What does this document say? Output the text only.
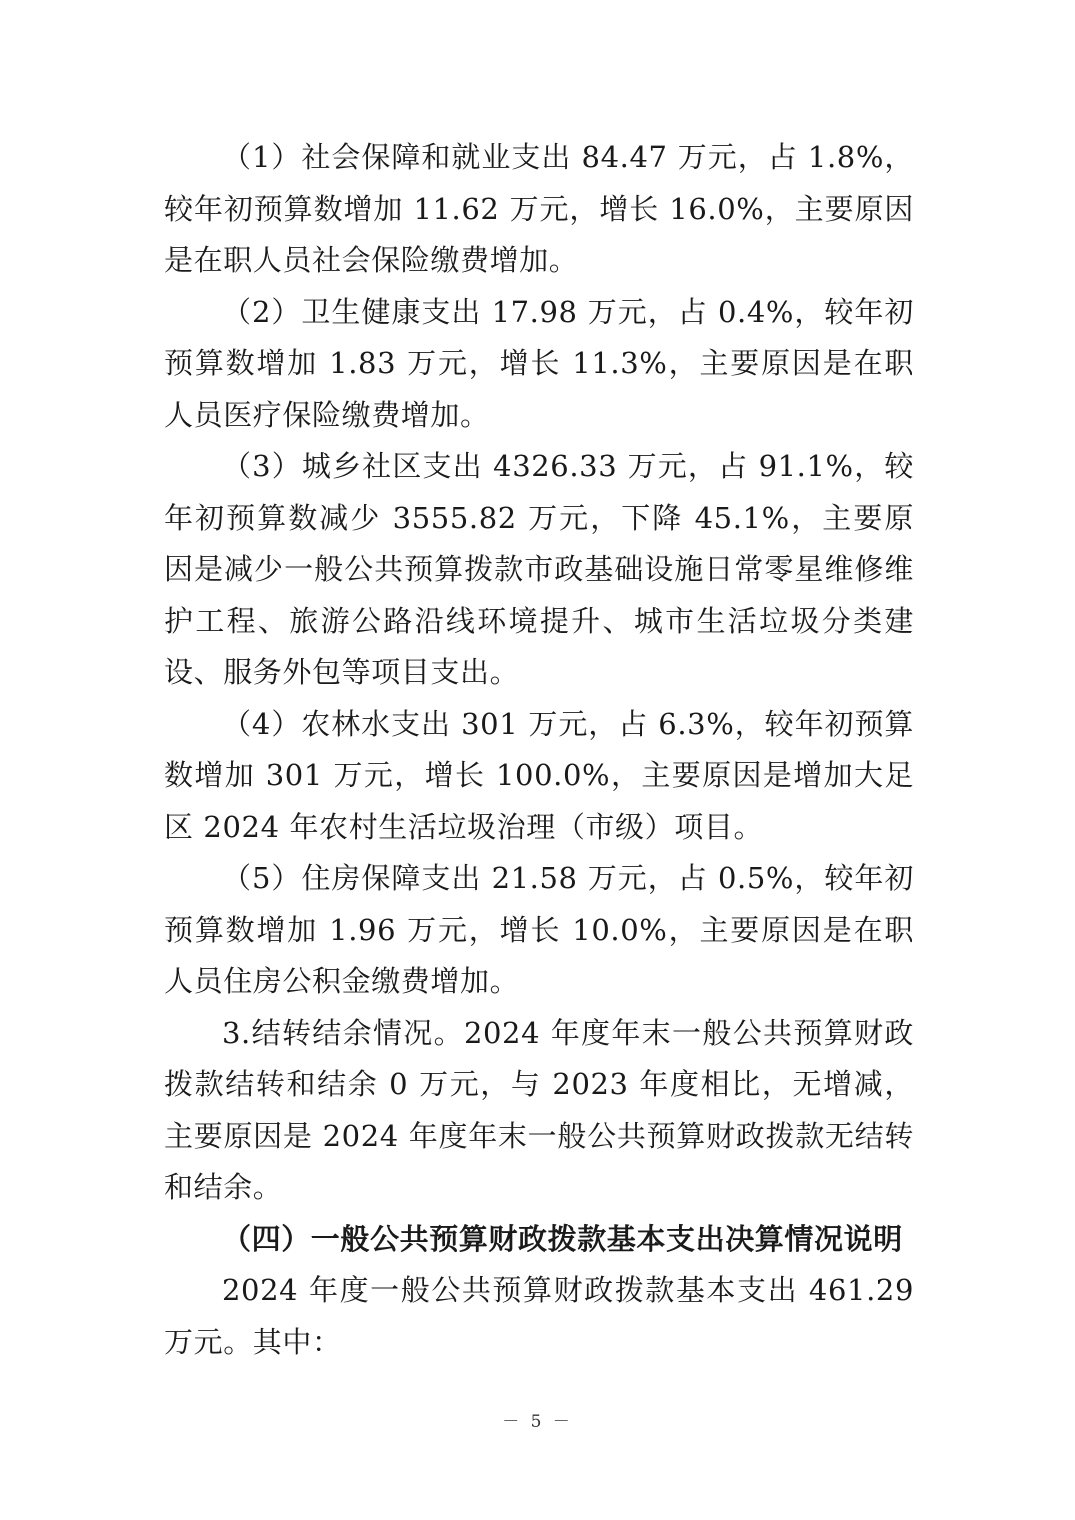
（1）社会保障和就业支出 84.47 万元，占 1.8%，较年初预算数增加 11.62 万元，增长 16.0%，主要原因是在职人员社会保险缴费增加。

（2）卫生健康支出 17.98 万元，占 0.4%，较年初预算数增加 1.83 万元，增长 11.3%，主要原因是在职人员医疗保险缴费增加。

（3）城乡社区支出 4326.33 万元，占 91.1%，较年初预算数减少 3555.82 万元，下降 45.1%，主要原因是减少一般公共预算拨款市政基础设施日常零星维修维护工程、旅游公路沿线环境提升、城市生活垃圾分类建设、服务外包等项目支出。

（4）农林水支出 301 万元，占 6.3%，较年初预算数增加 301 万元，增长 100.0%，主要原因是增加大足区 2024 年农村生活垃圾治理（市级）项目。

（5）住房保障支出 21.58 万元，占 0.5%，较年初预算数增加 1.96 万元，增长 10.0%，主要原因是在职人员住房公积金缴费增加。

3.结转结余情况。2024 年度年末一般公共预算财政拨款结转和结余 0 万元，与 2023 年度相比，无增减，主要原因是 2024 年度年末一般公共预算财政拨款无结转和结余。

（四）一般公共预算财政拨款基本支出决算情况说明

2024 年度一般公共预算财政拨款基本支出 461.29 万元。其中：

－ 5 －
